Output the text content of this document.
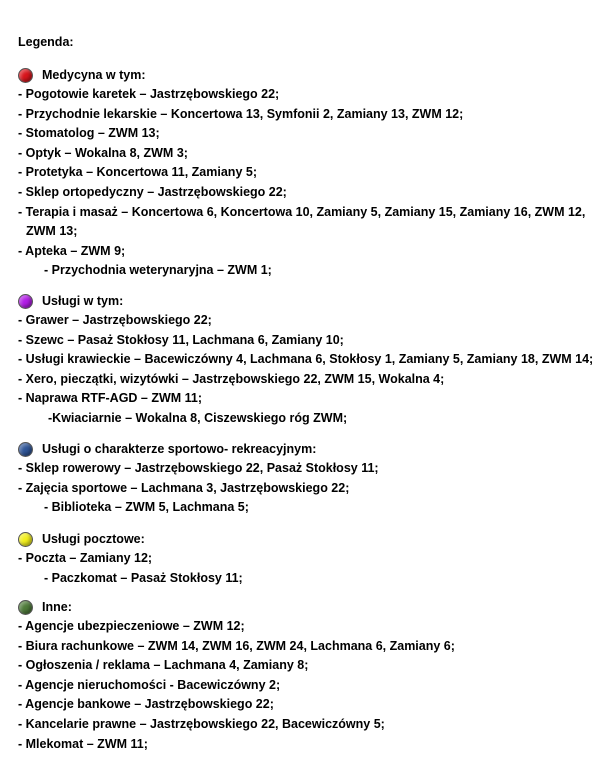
Legenda:
Medycyna w tym:
- Pogotowie karetek – Jastrzębowskiego 22;
- Przychodnie lekarskie – Koncertowa 13, Symfonii 2, Zamiany 13, ZWM 12;
- Stomatolog – ZWM 13;
- Optyk – Wokalna 8, ZWM 3;
- Protetyka – Koncertowa 11, Zamiany 5;
- Sklep ortopedyczny – Jastrzębowskiego 22;
- Terapia i masaż – Koncertowa 6, Koncertowa 10, Zamiany 5, Zamiany 15, Zamiany 16, ZWM 12,
ZWM 13;
- Apteka – ZWM 9;
- Przychodnia weterynaryjna – ZWM 1;
Usługi w tym:
- Grawer – Jastrzębowskiego 22;
- Szewc – Pasaż Stokłosy 11, Lachmana 6, Zamiany 10;
- Usługi krawieckie – Bacewiczówny 4, Lachmana 6, Stokłosy 1, Zamiany 5, Zamiany 18, ZWM 14;
- Xero, pieczątki, wizytówki – Jastrzębowskiego 22, ZWM 15, Wokalna 4;
- Naprawa RTF-AGD – ZWM 11;
-Kwiaciarnie – Wokalna 8, Ciszewskiego róg ZWM;
Usługi o charakterze sportowo- rekreacyjnym:
- Sklep rowerowy – Jastrzębowskiego 22, Pasaż Stokłosy 11;
- Zajęcia sportowe – Lachmana 3, Jastrzębowskiego 22;
- Biblioteka – ZWM 5, Lachmana 5;
Usługi pocztowe:
- Poczta – Zamiany 12;
- Paczkomat – Pasaż Stokłosy 11;
Inne:
- Agencje ubezpieczeniowe – ZWM 12;
- Biura rachunkowe – ZWM 14, ZWM 16, ZWM 24, Lachmana 6, Zamiany 6;
- Ogłoszenia / reklama – Lachmana 4, Zamiany 8;
- Agencje nieruchomości - Bacewiczówny 2;
- Agencje bankowe – Jastrzębowskiego 22;
- Kancelarie prawne – Jastrzębowskiego 22, Bacewiczówny 5;
- Mlekomat – ZWM 11;
